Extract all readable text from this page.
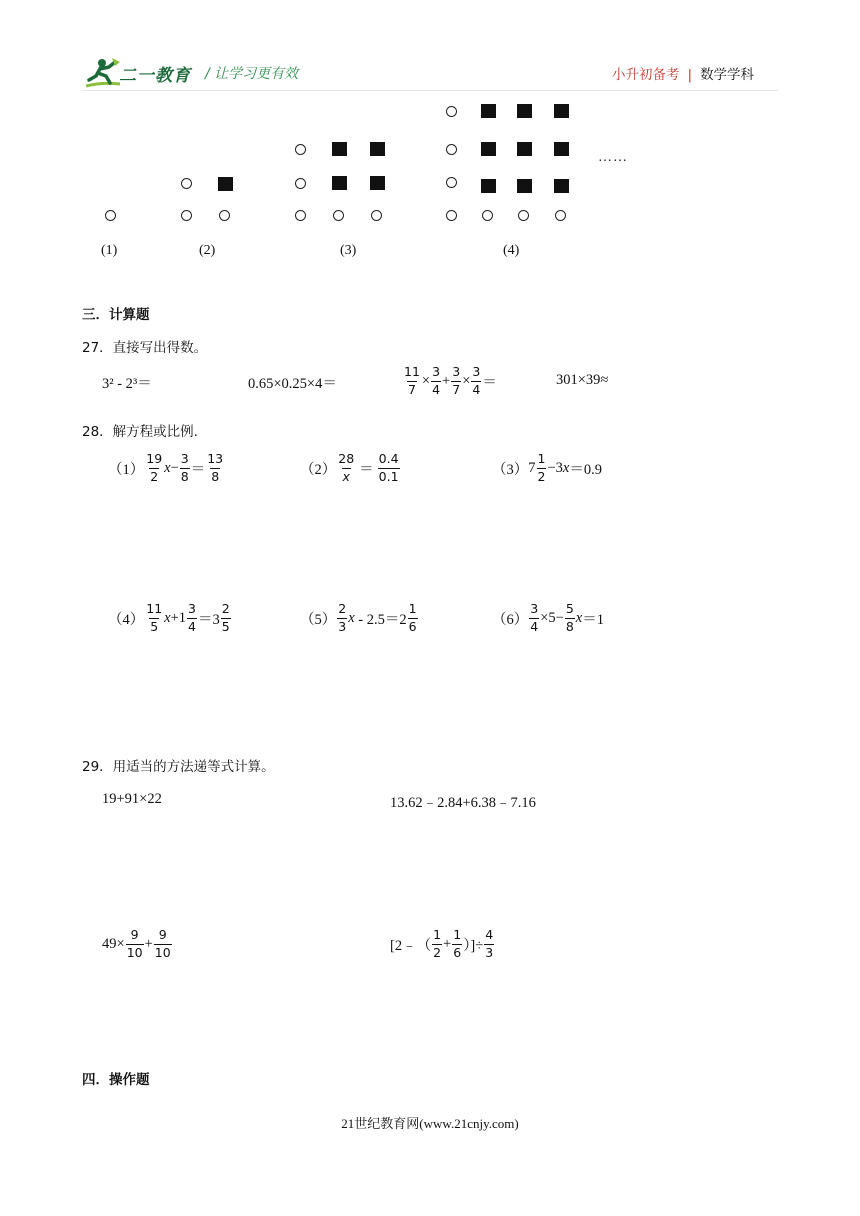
二一教育 / 让学习更有效	小升初备考 | 数学学科
……
(1)	(2)	(3)	(4)
三．计算题
27．直接写出得数。
3² - 2³＝	0.65×0.25×4＝	$\frac{11}{7} \times \frac{3}{4} + \frac{3}{7} \times \frac{3}{4}$ ＝	301×39≈
28．解方程或比例.
$(1) \frac{19}{2}$ $x - \frac{3}{8} = \frac{13}{8}$	$(2) \frac{28}{x} = \frac{0.4}{0.1}$	（3） $7 \frac{1}{2} -3$ x ＝0.9
$(4) \frac{11}{5}$ $x +1 \frac{3}{4} =3 \frac{2}{5}$	$(5) \frac{2}{3}$ $x - 2.5=2 \frac{1}{6}$	$(6) \frac{3}{4} \times 5- \frac{5}{8}$ x ＝1
29．用适当的方法递等式计算。
19+91×22	13.62﹣2.84+6.38﹣7.16
$49\times \frac{9}{10} + \frac{9}{10}$	[2﹣（ $\frac{1}{2} + \frac{1}{6}$ ）]÷ $\frac{4}{3}$
四．操作题
21世纪教育网(www.21cnjy.com)
